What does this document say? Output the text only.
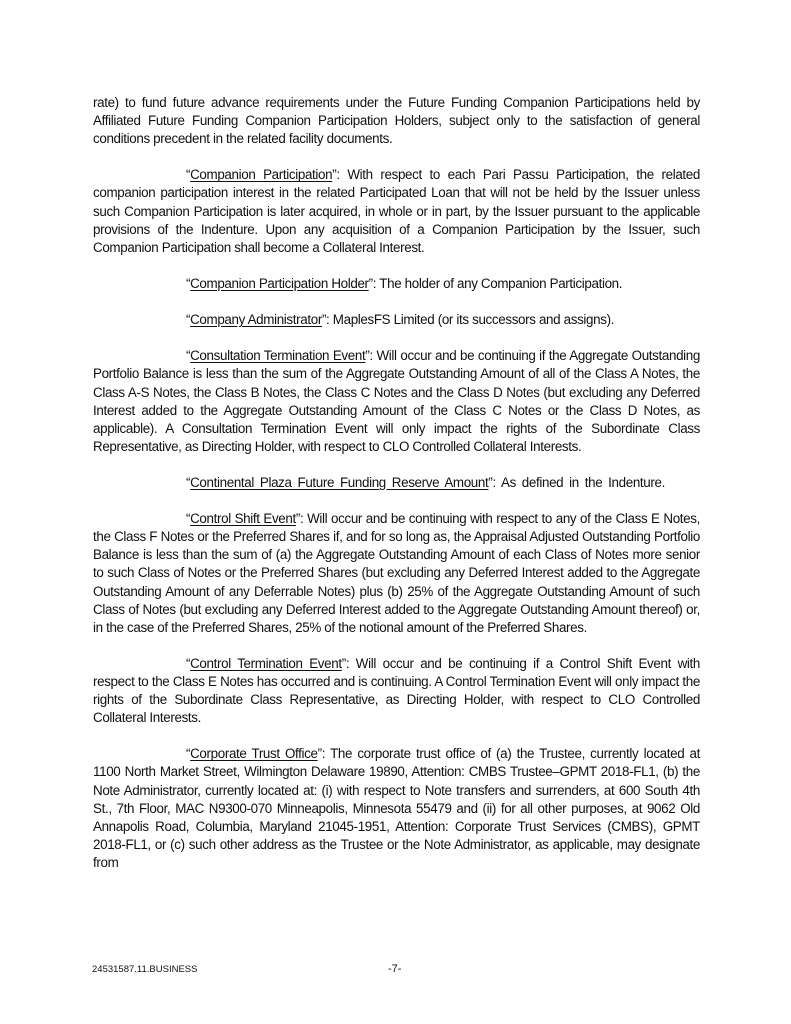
rate) to fund future advance requirements under the Future Funding Companion Participations held by Affiliated Future Funding Companion Participation Holders, subject only to the satisfaction of general conditions precedent in the related facility documents.

“Companion Participation”: With respect to each Pari Passu Participation, the related companion participation interest in the related Participated Loan that will not be held by the Issuer unless such Companion Participation is later acquired, in whole or in part, by the Issuer pursuant to the applicable provisions of the Indenture. Upon any acquisition of a Companion Participation by the Issuer, such Companion Participation shall become a Collateral Interest.

“Companion Participation Holder”: The holder of any Companion Participation.

“Company Administrator”: MaplesFS Limited (or its successors and assigns).

“Consultation Termination Event”: Will occur and be continuing if the Aggregate Outstanding Portfolio Balance is less than the sum of the Aggregate Outstanding Amount of all of the Class A Notes, the Class A-S Notes, the Class B Notes, the Class C Notes and the Class D Notes (but excluding any Deferred Interest added to the Aggregate Outstanding Amount of the Class C Notes or the Class D Notes, as applicable). A Consultation Termination Event will only impact the rights of the Subordinate Class Representative, as Directing Holder, with respect to CLO Controlled Collateral Interests.

“Continental Plaza Future Funding Reserve Amount”: As defined in the Indenture.

“Control Shift Event”: Will occur and be continuing with respect to any of the Class E Notes, the Class F Notes or the Preferred Shares if, and for so long as, the Appraisal Adjusted Outstanding Portfolio Balance is less than the sum of (a) the Aggregate Outstanding Amount of each Class of Notes more senior to such Class of Notes or the Preferred Shares (but excluding any Deferred Interest added to the Aggregate Outstanding Amount of any Deferrable Notes) plus (b) 25% of the Aggregate Outstanding Amount of such Class of Notes (but excluding any Deferred Interest added to the Aggregate Outstanding Amount thereof) or, in the case of the Preferred Shares, 25% of the notional amount of the Preferred Shares.

“Control Termination Event”: Will occur and be continuing if a Control Shift Event with respect to the Class E Notes has occurred and is continuing. A Control Termination Event will only impact the rights of the Subordinate Class Representative, as Directing Holder, with respect to CLO Controlled Collateral Interests.

“Corporate Trust Office”: The corporate trust office of (a) the Trustee, currently located at 1100 North Market Street, Wilmington Delaware 19890, Attention: CMBS Trustee–GPMT 2018-FL1, (b) the Note Administrator, currently located at: (i) with respect to Note transfers and surrenders, at 600 South 4th St., 7th Floor, MAC N9300-070 Minneapolis, Minnesota 55479 and (ii) for all other purposes, at 9062 Old Annapolis Road, Columbia, Maryland 21045-1951, Attention: Corporate Trust Services (CMBS), GPMT 2018-FL1, or (c) such other address as the Trustee or the Note Administrator, as applicable, may designate from

24531587.11.BUSINESS	-7-
